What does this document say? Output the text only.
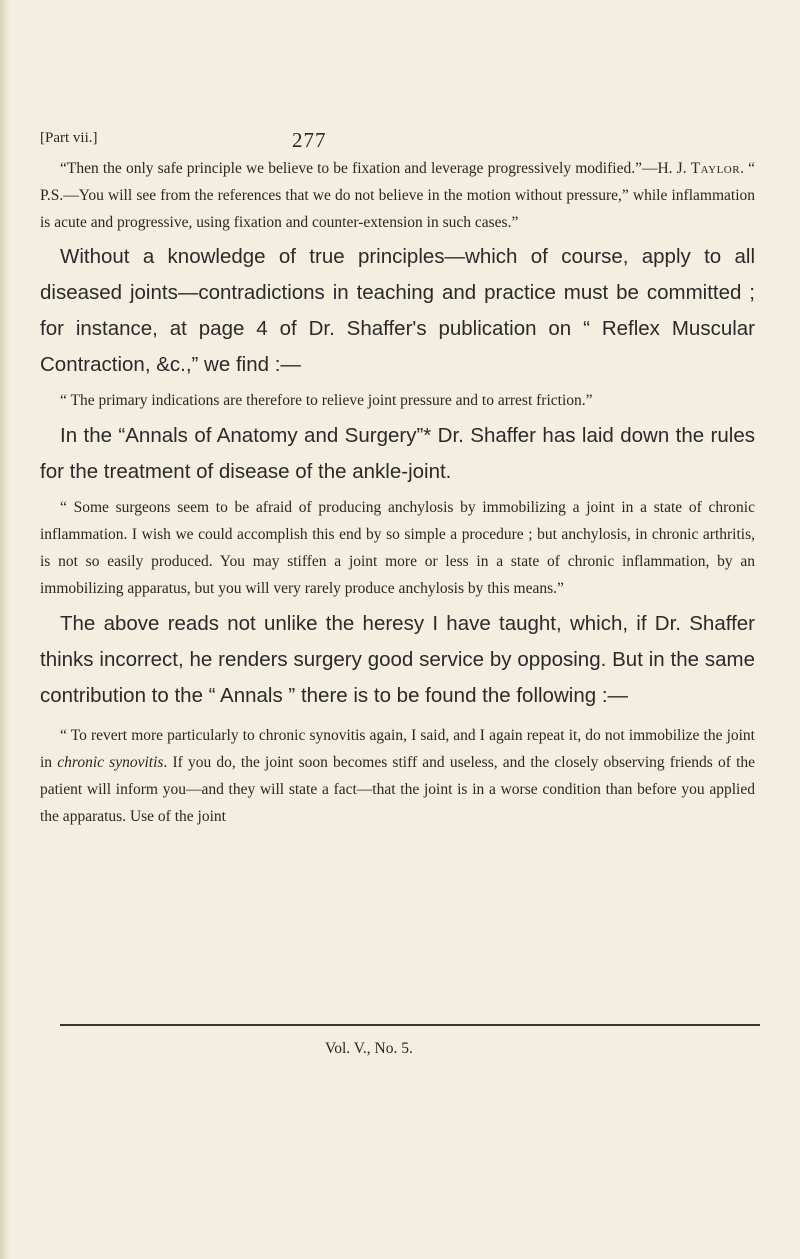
[Part vii.]	277

“Then the only safe principle we believe to be fixation and leverage progressively modified.”—H. J. Taylor. “ P.S.—You will see from the references that we do not believe in the motion without pressure,” while inflammation is acute and progressive, using fixation and counter-extension in such cases.”

Without a knowledge of true principles—which of course, apply to all diseased joints—contradictions in teaching and practice must be committed ; for instance, at page 4 of Dr. Shaffer's publication on “ Reflex Muscular Contraction, &c.,” we find :—

“ The primary indications are therefore to relieve joint pressure and to arrest friction.”

In the “Annals of Anatomy and Surgery”* Dr. Shaffer has laid down the rules for the treatment of disease of the ankle-joint.

“ Some surgeons seem to be afraid of producing anchylosis by immobilizing a joint in a state of chronic inflammation. I wish we could accomplish this end by so simple a procedure ; but anchylosis, in chronic arthritis, is not so easily produced. You may stiffen a joint more or less in a state of chronic inflammation, by an immobilizing apparatus, but you will very rarely produce anchylosis by this means.”

The above reads not unlike the heresy I have taught, which, if Dr. Shaffer thinks incorrect, he renders surgery good service by opposing. But in the same contribution to the “ Annals ” there is to be found the following :—

“ To revert more particularly to chronic synovitis again, I said, and I again repeat it, do not immobilize the joint in chronic synovitis. If you do, the joint soon becomes stiff and useless, and the closely observing friends of the patient will inform you—and they will state a fact—that the joint is in a worse condition than before you applied the apparatus. Use of the joint

Vol. V., No. 5.
